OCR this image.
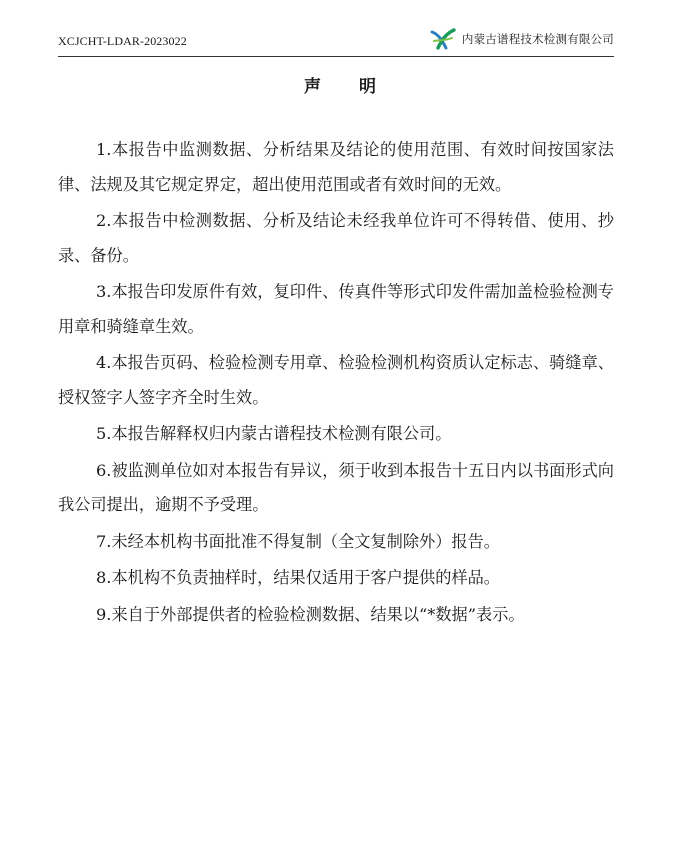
XCJCHT-LDAR-2023022	内蒙古谱程技术检测有限公司
声明

1.本报告中监测数据、分析结果及结论的使用范围、有效时间按国家法律、法规及其它规定界定，超出使用范围或者有效时间的无效。

2.本报告中检测数据、分析及结论未经我单位许可不得转借、使用、抄录、备份。

3.本报告印发原件有效，复印件、传真件等形式印发件需加盖检验检测专用章和骑缝章生效。

4.本报告页码、检验检测专用章、检验检测机构资质认定标志、骑缝章、授权签字人签字齐全时生效。

5.本报告解释权归内蒙古谱程技术检测有限公司。

6.被监测单位如对本报告有异议，须于收到本报告十五日内以书面形式向我公司提出，逾期不予受理。

7.未经本机构书面批准不得复制（全文复制除外）报告。

8.本机构不负责抽样时，结果仅适用于客户提供的样品。

9.来自于外部提供者的检验检测数据、结果以“*数据”表示。
